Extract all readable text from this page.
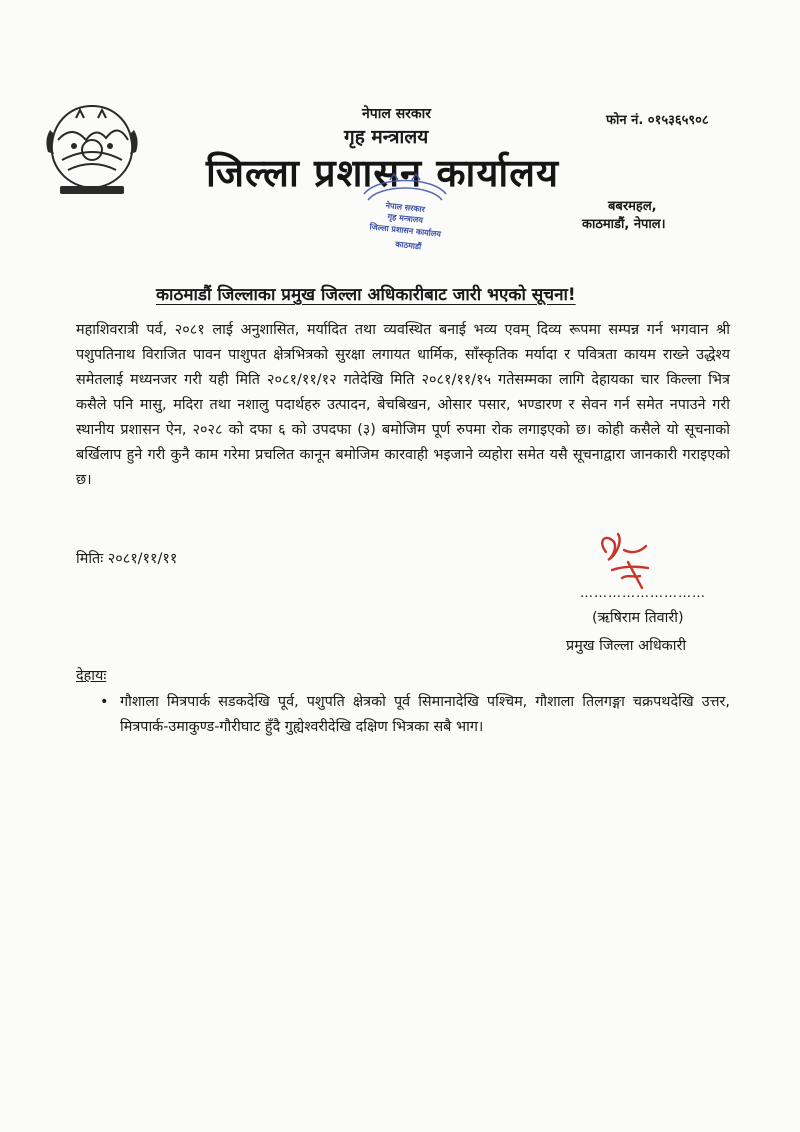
नेपाल सरकार
गृह मन्त्रालय
जिल्ला प्रशासन कार्यालय
फोन नं. ०१५३६५९०८
बबरमहल,
काठमाडौं, नेपाल।
नेपाल सरकार
गृह मन्त्रालय
जिल्ला प्रशासन कार्यालय
काठमाडौं
काठमाडौं जिल्लाका प्रमुख जिल्ला अधिकारीबाट जारी भएको सूचना!

महाशिवरात्री पर्व, २०८१ लाई अनुशासित, मर्यादित तथा व्यवस्थित बनाई भव्य एवम् दिव्य रूपमा सम्पन्न गर्न भगवान श्री पशुपतिनाथ विराजित पावन पाशुपत क्षेत्रभित्रको सुरक्षा लगायत धार्मिक, साँस्कृतिक मर्यादा र पवित्रता कायम राख्ने उद्धेश्य समेतलाई मध्यनजर गरी यही मिति २०८१/११/१२ गतेदेखि मिति २०८१/११/१५ गतेसम्मका लागि देहायका चार किल्ला भित्र कसैले पनि मासु, मदिरा तथा नशालु पदार्थहरु उत्पादन, बेचबिखन, ओसार पसार, भण्डारण र सेवन गर्न समेत नपाउने गरी स्थानीय प्रशासन ऐन, २०२८ को दफा ६ को उपदफा (३) बमोजिम पूर्ण रुपमा रोक लगाइएको छ। कोही कसैले यो सूचनाको बर्खिलाप हुने गरी कुनै काम गरेमा प्रचलित कानून बमोजिम कारवाही भइजाने व्यहोरा समेत यसै सूचनाद्वारा जानकारी गराइएको छ।

मितिः २०८१/११/११
………………………
(ऋषिराम तिवारी)
प्रमुख जिल्ला अधिकारी
देहायः
• गौशाला मित्रपार्क सडकदेखि पूर्व, पशुपति क्षेत्रको पूर्व सिमानादेखि पश्चिम, गौशाला तिलगङ्गा चक्रपथदेखि उत्तर, मित्रपार्क-उमाकुण्ड-गौरीघाट हुँदै गुह्येश्वरीदेखि दक्षिण भित्रका सबै भाग।
